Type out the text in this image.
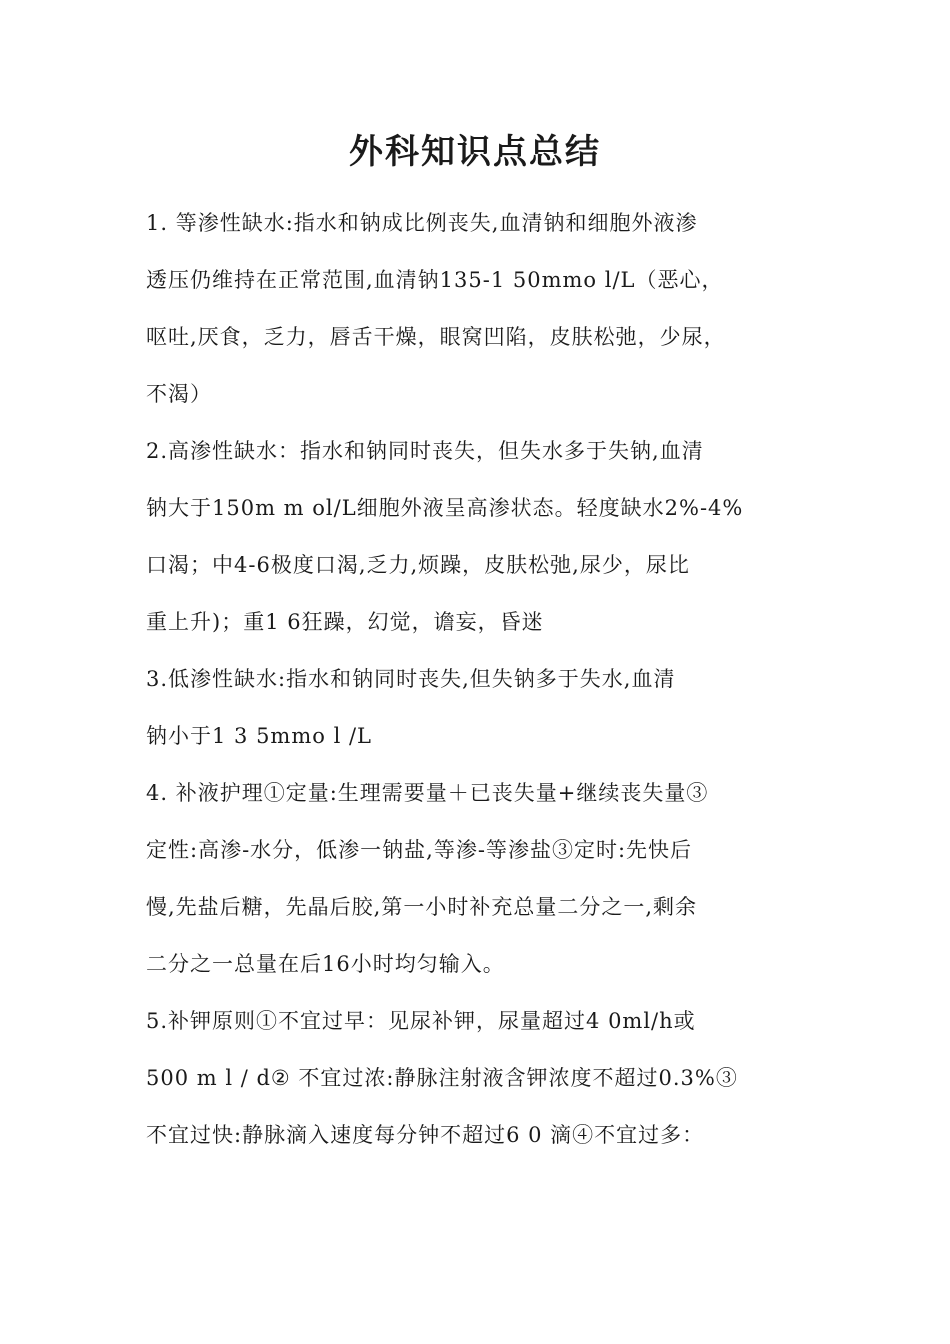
外科知识点总结
1. 等渗性缺水:指水和钠成比例丧失,血清钠和细胞外液渗
透压仍维持在正常范围,血清钠135-1 50mmo l/L（恶心，
呕吐,厌食，乏力，唇舌干燥，眼窝凹陷，皮肤松弛，少尿，
不渴）
2.高渗性缺水：指水和钠同时丧失，但失水多于失钠,血清
钠大于150m m ol/L细胞外液呈高渗状态。轻度缺水2%-4%
口渴；中4-6极度口渴,乏力,烦躁，皮肤松弛,尿少，尿比
重上升)；重1 6狂躁，幻觉，谵妄，昏迷
3.低渗性缺水:指水和钠同时丧失,但失钠多于失水,血清
钠小于1 3 5mmo l /L
4. 补液护理①定量:生理需要量＋已丧失量+继续丧失量③
定性:高渗-水分，低渗一钠盐,等渗-等渗盐③定时:先快后
慢,先盐后糖，先晶后胶,第一小时补充总量二分之一,剩余
二分之一总量在后16小时均匀输入。
5.补钾原则①不宜过早：见尿补钾，尿量超过4 0ml/h或
500 m l / d② 不宜过浓:静脉注射液含钾浓度不超过0.3%③
不宜过快:静脉滴入速度每分钟不超过6 0 滴④不宜过多：
